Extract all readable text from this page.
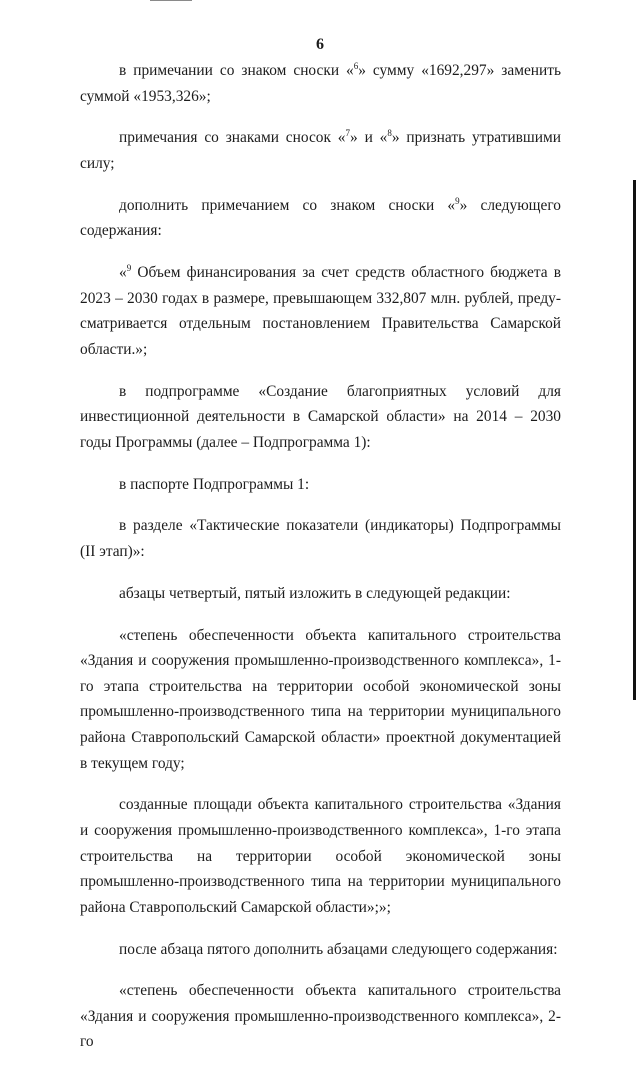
6

в примечании со знаком сноски «$^6$» сумму «1692,297» заменить суммой «1953,326»;

примечания со знаками сносок «$^7$» и «$^8$» признать утратившими силу;

дополнить примечанием со знаком сноски «$^9$» следующего содержания:

«$^9$ Объем финансирования за счет средств областного бюджета в 2023 – 2030 годах в размере, превышающем 332,807 млн. рублей, предусматривается отдельным постановлением Правительства Самарской области.»;

в подпрограмме «Создание благоприятных условий для инвестиционной деятельности в Самарской области» на 2014 – 2030 годы Программы (далее – Подпрограмма 1):

в паспорте Подпрограммы 1:

в разделе «Тактические показатели (индикаторы) Подпрограммы (II этап)»:

абзацы четвертый, пятый изложить в следующей редакции:

«степень обеспеченности объекта капитального строительства «Здания и сооружения промышленно-производственного комплекса», 1-го этапа строительства на территории особой экономической зоны промышленно-производственного типа на территории муниципального района Ставропольский Самарской области» проектной документацией в текущем году;

созданные площади объекта капитального строительства «Здания и сооружения промышленно-производственного комплекса», 1-го этапа строительства на территории особой экономической зоны промышленно-производственного типа на территории муниципального района Ставропольский Самарской области»;»;

после абзаца пятого дополнить абзацами следующего содержания:

«степень обеспеченности объекта капитального строительства «Здания и сооружения промышленно-производственного комплекса», 2-го
